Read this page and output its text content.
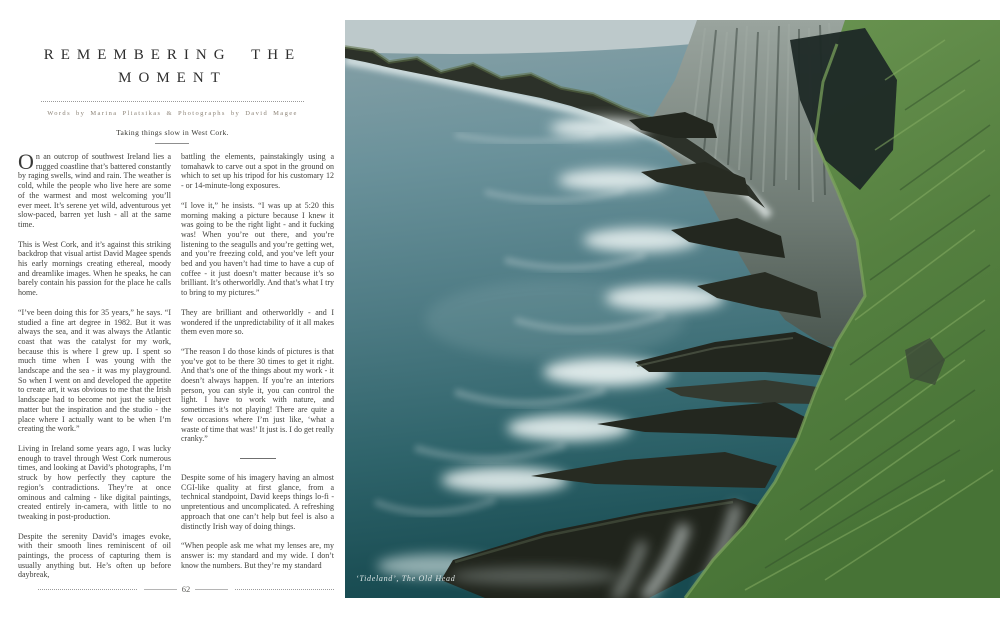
REMEMBERING THE
MOMENT
Words by Marina Pliatsikas & Photographs by David Magee
Taking things slow in West Cork.

On an outcrop of southwest Ireland lies a rugged coastline that’s battered constantly by raging swells, wind and rain. The weather is cold, while the people who live here are some of the warmest and most welcoming you’ll ever meet. It’s serene yet wild, adventurous yet slow-paced, barren yet lush - all at the same time.

This is West Cork, and it’s against this striking backdrop that visual artist David Magee spends his early mornings creating ethereal, moody and dreamlike images. When he speaks, he can barely contain his passion for the place he calls home.

“I’ve been doing this for 35 years,” he says. “I studied a fine art degree in 1982. But it was always the sea, and it was always the Atlantic coast that was the catalyst for my work, because this is where I grew up. I spent so much time when I was young with the landscape and the sea - it was my playground. So when I went on and developed the appetite to create art, it was obvious to me that the Irish landscape had to become not just the subject matter but the inspiration and the studio - the place where I actually want to be when I’m creating the work.”

Living in Ireland some years ago, I was lucky enough to travel through West Cork numerous times, and looking at David’s photographs, I’m struck by how perfectly they capture the region’s contradictions. They’re at once ominous and calming - like digital paintings, created entirely in-camera, with little to no tweaking in post-production.

Despite the serenity David’s images evoke, with their smooth lines reminiscent of oil paintings, the process of capturing them is usually anything but. He’s often up before daybreak,

battling the elements, painstakingly using a tomahawk to carve out a spot in the ground on which to set up his tripod for his customary 12 - or 14-minute-long exposures.

“I love it,” he insists. “I was up at 5:20 this morning making a picture because I knew it was going to be the right light - and it fucking was! When you’re out there, and you’re listening to the seagulls and you’re getting wet, and you’re freezing cold, and you’ve left your bed and you haven’t had time to have a cup of coffee - it just doesn’t matter because it’s so brilliant. It’s otherworldly. And that’s what I try to bring to my pictures.”

They are brilliant and otherworldly - and I wondered if the unpredictability of it all makes them even more so.

“The reason I do those kinds of pictures is that you’ve got to be there 30 times to get it right. And that’s one of the things about my work - it doesn’t always happen. If you’re an interiors person, you can style it, you can control the light. I have to work with nature, and sometimes it’s not playing! There are quite a few occasions where I’m just like, ‘what a waste of time that was!’ It just is. I do get really cranky.”

Despite some of his imagery having an almost CGI-like quality at first glance, from a technical standpoint, David keeps things lo-fi - unpretentious and uncomplicated. A refreshing approach that one can’t help but feel is also a distinctly Irish way of doing things.

“When people ask me what my lenses are, my answer is: my standard and my wide. I don’t know the numbers. But they’re my standard

62
‘Tideland’, The Old Head
